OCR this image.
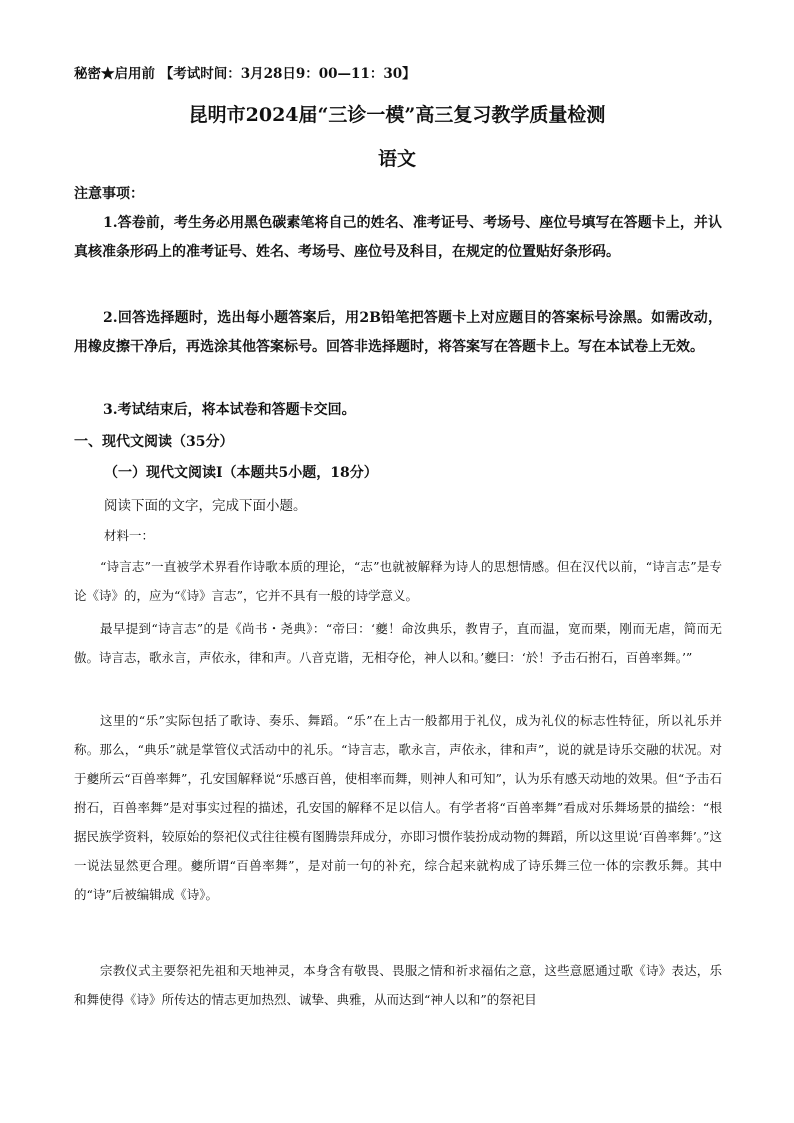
秘密★启用前 【考试时间：3月28日9：00—11：30】
昆明市2024届“三诊一模”高三复习教学质量检测
语文
注意事项：
1.答卷前，考生务必用黑色碳素笔将自己的姓名、准考证号、考场号、座位号填写在答题卡上，并认真核准条形码上的准考证号、姓名、考场号、座位号及科目，在规定的位置贴好条形码。
2.回答选择题时，选出每小题答案后，用2B铅笔把答题卡上对应题目的答案标号涂黑。如需改动，用橡皮擦干净后，再选涂其他答案标号。回答非选择题时，将答案写在答题卡上。写在本试卷上无效。
3.考试结束后，将本试卷和答题卡交回。
一、现代文阅读（35分）
（一）现代文阅读Ⅰ（本题共5小题，18分）
阅读下面的文字，完成下面小题。
材料一：
“诗言志”一直被学术界看作诗歌本质的理论，“志”也就被解释为诗人的思想情感。但在汉代以前，“诗言志”是专论《诗》的，应为“《诗》言志”，它并不具有一般的诗学意义。
最早提到“诗言志”的是《尚书・尧典》：“帝曰：‘夔！命汝典乐，教胄子，直而温，宽而栗，刚而无虐，简而无傲。诗言志，歌永言，声依永，律和声。八音克谐，无相夺伦，神人以和。’夔曰：‘於！予击石拊石，百兽率舞。’”
这里的“乐”实际包括了歌诗、奏乐、舞蹈。“乐”在上古一般都用于礼仪，成为礼仪的标志性特征，所以礼乐并称。那么，“典乐”就是掌管仪式活动中的礼乐。“诗言志，歌永言，声依永，律和声”，说的就是诗乐交融的状况。对于夔所云“百兽率舞”，孔安国解释说“乐感百兽，使相率而舞，则神人和可知”，认为乐有感天动地的效果。但“予击石拊石，百兽率舞”是对事实过程的描述，孔安国的解释不足以信人。有学者将“百兽率舞”看成对乐舞场景的描绘：“根据民族学资料，较原始的祭祀仪式往往模有图腾崇拜成分，亦即习惯作装扮成动物的舞蹈，所以这里说‘百兽率舞’。”这一说法显然更合理。夔所谓“百兽率舞”，是对前一句的补充，综合起来就构成了诗乐舞三位一体的宗教乐舞。其中的“诗”后被编辑成《诗》。
宗教仪式主要祭祀先祖和天地神灵，本身含有敬畏、畏服之情和祈求福佑之意，这些意愿通过歌《诗》表达，乐和舞使得《诗》所传达的情志更加热烈、诚挚、典雅，从而达到“神人以和”的祭祀目
